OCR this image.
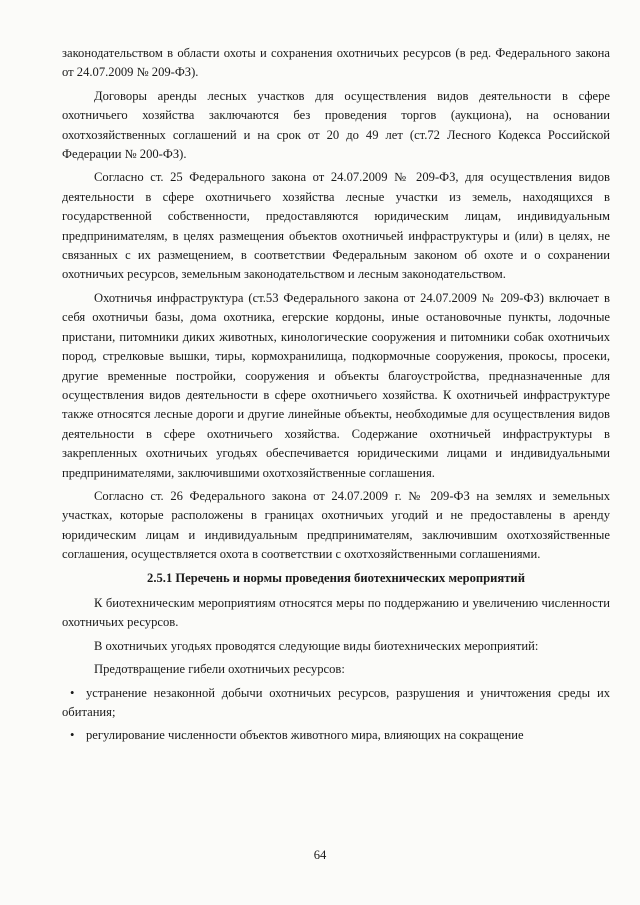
законодательством в области охоты и сохранения охотничьих ресурсов (в ред. Федерального закона от 24.07.2009 № 209-ФЗ).

Договоры аренды лесных участков для осуществления видов деятельности в сфере охотничьего хозяйства заключаются без проведения торгов (аукциона), на основании охотхозяйственных соглашений и на срок от 20 до 49 лет (ст.72 Лесного Кодекса Российской Федерации № 200-ФЗ).

Согласно ст. 25 Федерального закона от 24.07.2009 № 209-ФЗ, для осуществления видов деятельности в сфере охотничьего хозяйства лесные участки из земель, находящихся в государственной собственности, предоставляются юридическим лицам, индивидуальным предпринимателям, в целях размещения объектов охотничьей инфраструктуры и (или) в целях, не связанных с их размещением, в соответствии Федеральным законом об охоте и о сохранении охотничьих ресурсов, земельным законодательством и лесным законодательством.

Охотничья инфраструктура (ст.53 Федерального закона от 24.07.2009 № 209-ФЗ) включает в себя охотничьи базы, дома охотника, егерские кордоны, иные остановочные пункты, лодочные пристани, питомники диких животных, кинологические сооружения и питомники собак охотничьих пород, стрелковые вышки, тиры, кормохранилища, подкормочные сооружения, прокосы, просеки, другие временные постройки, сооружения и объекты благоустройства, предназначенные для осуществления видов деятельности в сфере охотничьего хозяйства. К охотничьей инфраструктуре также относятся лесные дороги и другие линейные объекты, необходимые для осуществления видов деятельности в сфере охотничьего хозяйства. Содержание охотничьей инфраструктуры в закрепленных охотничьих угодьях обеспечивается юридическими лицами и индивидуальными предпринимателями, заключившими охотхозяйственные соглашения.

Согласно ст. 26 Федерального закона от 24.07.2009 г. № 209-ФЗ на землях и земельных участках, которые расположены в границах охотничьих угодий и не предоставлены в аренду юридическим лицам и индивидуальным предпринимателям, заключившим охотхозяйственные соглашения, осуществляется охота в соответствии с охотхозяйственными соглашениями.

2.5.1 Перечень и нормы проведения биотехнических мероприятий

К биотехническим мероприятиям относятся меры по поддержанию и увеличению численности охотничьих ресурсов.

В охотничьих угодьях проводятся следующие виды биотехнических мероприятий:

Предотвращение гибели охотничьих ресурсов:

• устранение незаконной добычи охотничьих ресурсов, разрушения и уничтожения среды их обитания;

• регулирование численности объектов животного мира, влияющих на сокращение

64
